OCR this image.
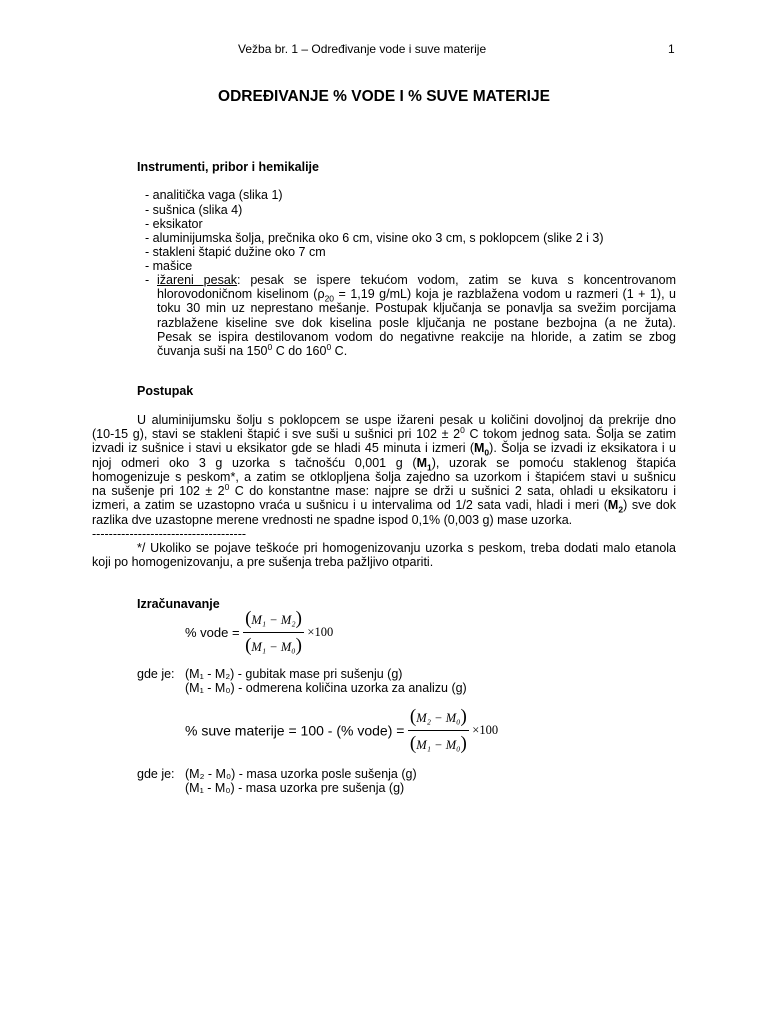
Vežba br. 1 – Određivanje vode i suve materije	1
ODREĐIVANJE % VODE I % SUVE MATERIJE
Instrumenti, pribor i hemikalije
- analitička vaga (slika 1)
- sušnica (slika 4)
- eksikator
- aluminijumska šolja, prečnika oko 6 cm, visine oko 3 cm, s poklopcem (slike 2 i 3)
- stakleni štapić dužine oko 7 cm
- mašice
- ižareni pesak: pesak se ispere tekućom vodom, zatim se kuva s koncentrovanom
hlorovodoničnom kiselinom ($\rho_{20} = 1,19$ g/mL) koja je razblažena vodom u razmeri (1 + 1), u
toku 30 min uz neprestano mešanje. Postupak ključanja se ponavlja sa svežim porcijama
razblažene kiseline sve dok kiselina posle ključanja ne postane bezbojna (a ne žuta).
Pesak se ispira destilovanom vodom do negativne reakcije na hloride, a zatim se zbog
čuvanja suši na $150^0$ C do $160^0$ C.
Postupak
U aluminijumsku šolju s poklopcem se uspe ižareni pesak u količini dovoljnoj da prekrije dno
(10-15 g), stavi se stakleni štapić i sve suši u sušnici pri $102 \pm 2^0$ C tokom jednog sata. Šolja se zatim
izvadi iz sušnice i stavi u eksikator gde se hladi 45 minuta i izmeri $(M_0)$. Šolja se izvadi iz eksikatora i u
njoj odmeri oko 3 g uzorka s tačnošću 0,001 g $(M_1)$, uzorak se pomoću staklenog štapića
homogenizuje s peskom*, a zatim se otklopljena šolja zajedno sa uzorkom i štapićem stavi u sušnicu
na sušenje pri $102 \pm 2^0$ C do konstantne mase: najpre se drži u sušnici 2 sata, ohladi u eksikatoru i
izmeri, a zatim se uzastopno vraća u sušnicu i u intervalima od 1/2 sata vadi, hladi i meri $(M_2)$ sve dok
razlika dve uzastopne merene vrednosti ne spadne ispod 0,1% (0,003 g) mase uzorka.
-------------------------------------
*/ Ukoliko se pojave teškoće pri homogenizovanju uzorka s peskom, treba dodati malo etanola
koji po homogenizovanju, a pre sušenja treba pažljivo otpariti.
Izračunavanje
% vode = $\frac{\text{(M₁ − M₂)}}{\text{(M₁ − M₀)}} \times 100$
gde je: (M₁ - M₂) - gubitak mase pri sušenju (g)
(M₁ - M₀) - odmerena količina uzorka za analizu (g)
% suve materije = 100 - (% vode) = $\frac{\text{(M₂ − M₀)}}{\text{(M₁ − M₀)}} \times 100$
gde je: (M₂ - M₀) - masa uzorka posle sušenja (g)
(M₁ - M₀) - masa uzorka pre sušenja (g)
